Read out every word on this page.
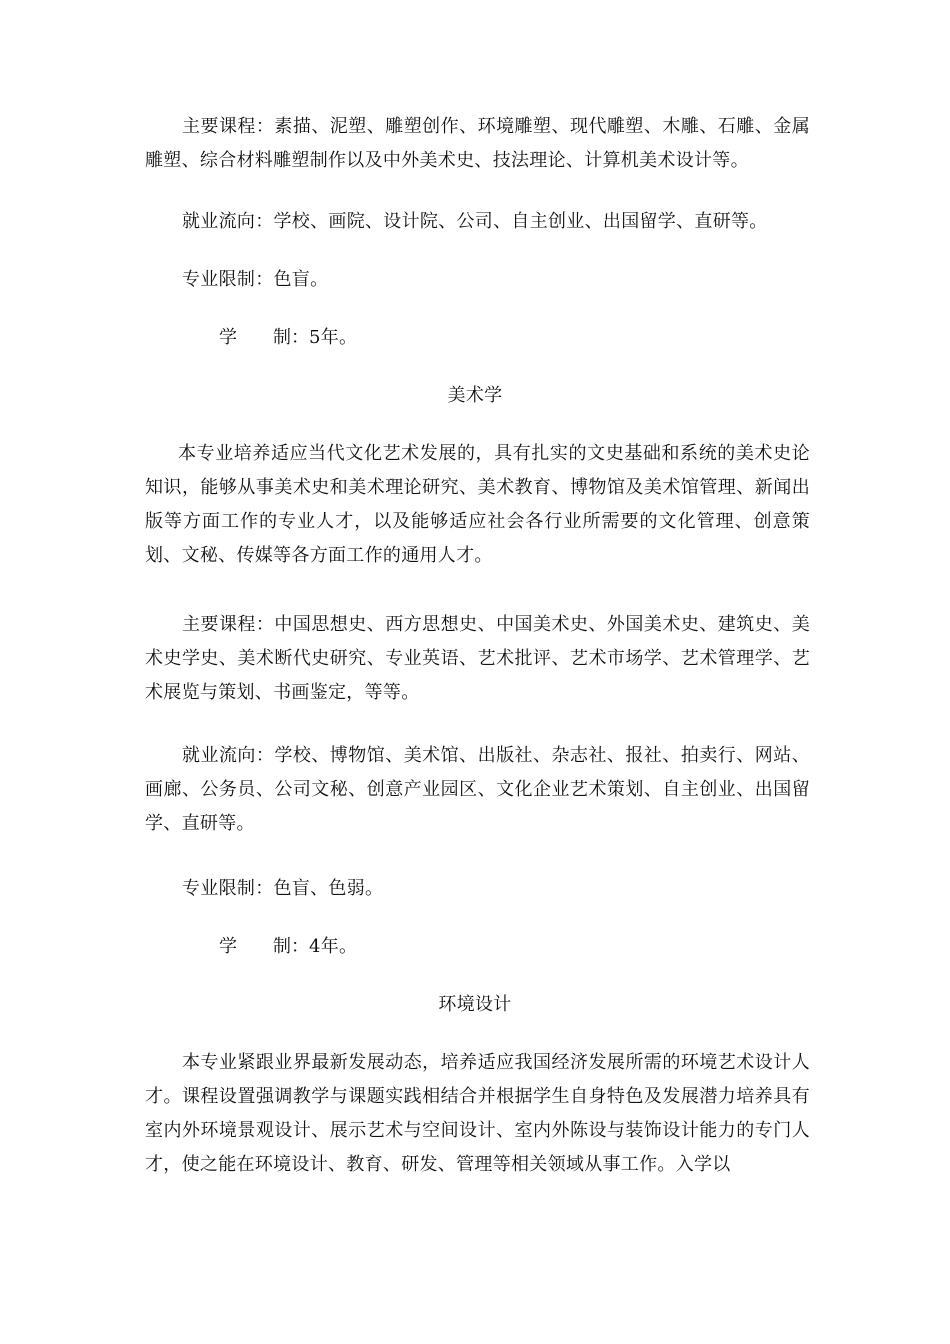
主要课程：素描、泥塑、雕塑创作、环境雕塑、现代雕塑、木雕、石雕、金属雕塑、综合材料雕塑制作以及中外美术史、技法理论、计算机美术设计等。

就业流向：学校、画院、设计院、公司、自主创业、出国留学、直研等。

专业限制：色盲。

学 制：5年。

美术学

本专业培养适应当代文化艺术发展的，具有扎实的文史基础和系统的美术史论知识，能够从事美术史和美术理论研究、美术教育、博物馆及美术馆管理、新闻出版等方面工作的专业人才，以及能够适应社会各行业所需要的文化管理、创意策划、文秘、传媒等各方面工作的通用人才。

主要课程：中国思想史、西方思想史、中国美术史、外国美术史、建筑史、美术史学史、美术断代史研究、专业英语、艺术批评、艺术市场学、艺术管理学、艺术展览与策划、书画鉴定，等等。

就业流向：学校、博物馆、美术馆、出版社、杂志社、报社、拍卖行、网站、画廊、公务员、公司文秘、创意产业园区、文化企业艺术策划、自主创业、出国留学、直研等。

专业限制：色盲、色弱。

学 制：4年。

环境设计

本专业紧跟业界最新发展动态，培养适应我国经济发展所需的环境艺术设计人才。课程设置强调教学与课题实践相结合并根据学生自身特色及发展潜力培养具有室内外环境景观设计、展示艺术与空间设计、室内外陈设与装饰设计能力的专门人才，使之能在环境设计、教育、研发、管理等相关领域从事工作。入学以
